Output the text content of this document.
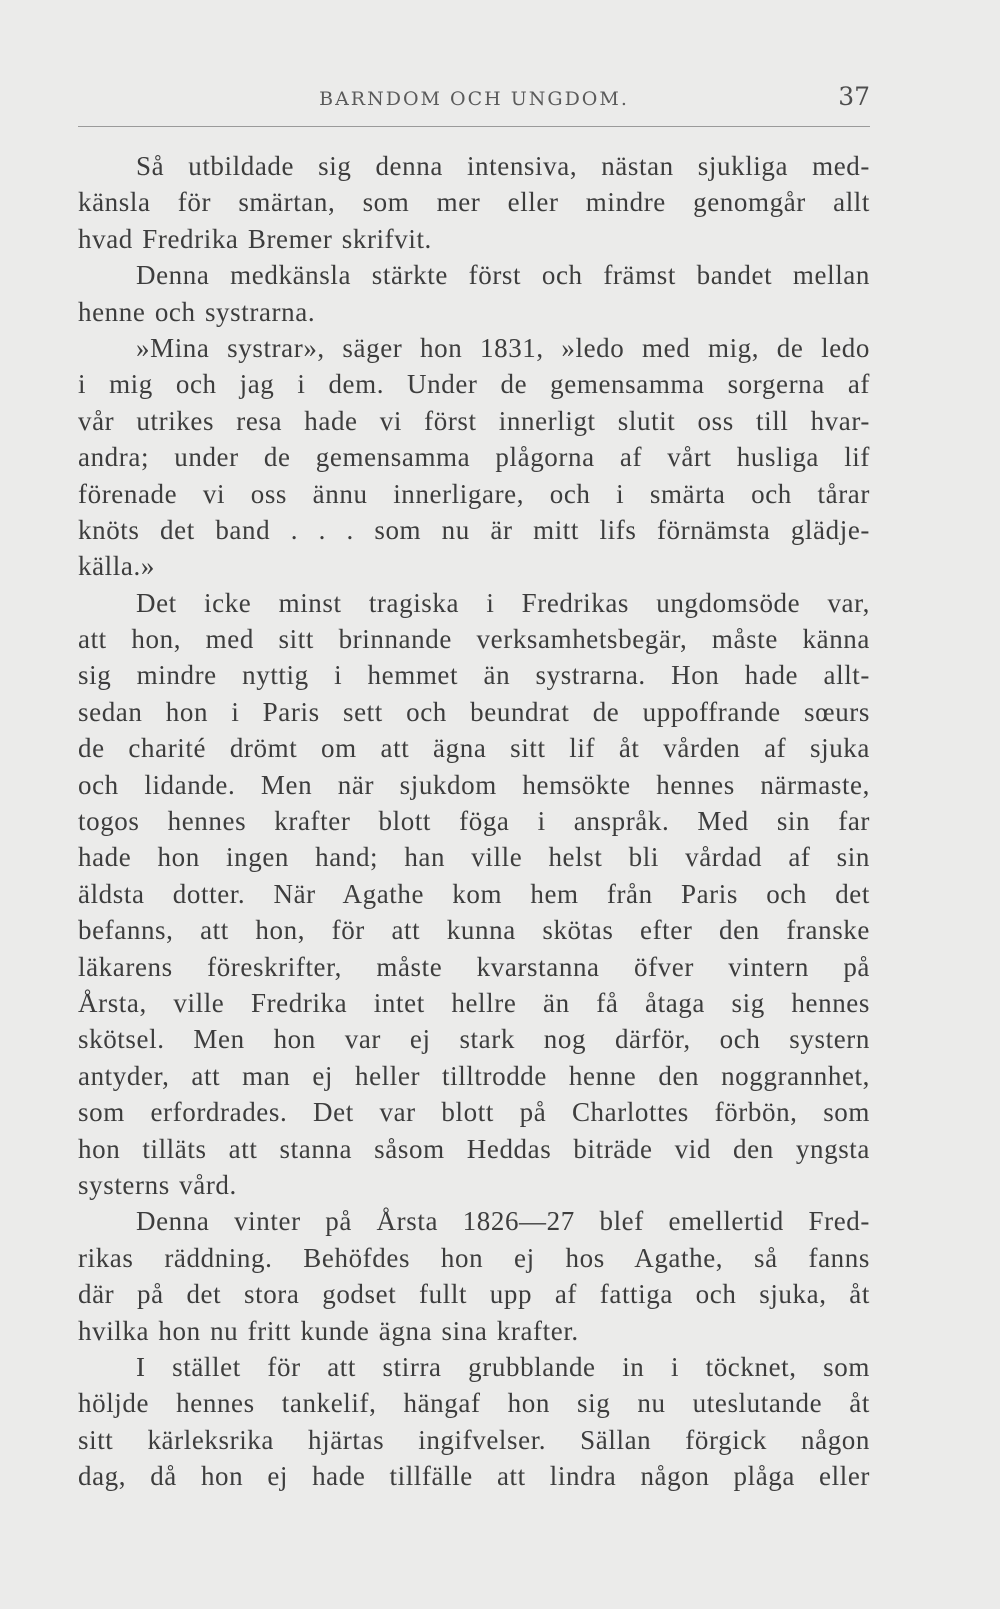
BARNDOM OCH UNGDOM.	37
Så utbildade sig denna intensiva, nästan sjukliga med-
känsla för smärtan, som mer eller mindre genomgår allt
hvad Fredrika Bremer skrifvit.
Denna medkänsla stärkte först och främst bandet mellan
henne och systrarna.
»Mina systrar», säger hon 1831, »ledo med mig, de ledo
i mig och jag i dem. Under de gemensamma sorgerna af
vår utrikes resa hade vi först innerligt slutit oss till hvar-
andra; under de gemensamma plågorna af vårt husliga lif
förenade vi oss ännu innerligare, och i smärta och tårar
knöts det band . . . som nu är mitt lifs förnämsta glädje-
källa.»
Det icke minst tragiska i Fredrikas ungdomsöde var,
att hon, med sitt brinnande verksamhetsbegär, måste känna
sig mindre nyttig i hemmet än systrarna. Hon hade allt-
sedan hon i Paris sett och beundrat de uppoffrande sœurs
de charité drömt om att ägna sitt lif åt vården af sjuka
och lidande. Men när sjukdom hemsökte hennes närmaste,
togos hennes krafter blott föga i anspråk. Med sin far
hade hon ingen hand; han ville helst bli vårdad af sin
äldsta dotter. När Agathe kom hem från Paris och det
befanns, att hon, för att kunna skötas efter den franske
läkarens föreskrifter, måste kvarstanna öfver vintern på
Årsta, ville Fredrika intet hellre än få åtaga sig hennes
skötsel. Men hon var ej stark nog därför, och systern
antyder, att man ej heller tilltrodde henne den noggrannhet,
som erfordrades. Det var blott på Charlottes förbön, som
hon tilläts att stanna såsom Heddas biträde vid den yngsta
systerns vård.
Denna vinter på Årsta 1826—27 blef emellertid Fred-
rikas räddning. Behöfdes hon ej hos Agathe, så fanns
där på det stora godset fullt upp af fattiga och sjuka, åt
hvilka hon nu fritt kunde ägna sina krafter.
I stället för att stirra grubblande in i töcknet, som
höljde hennes tankelif, hängaf hon sig nu uteslutande åt
sitt kärleksrika hjärtas ingifvelser. Sällan förgick någon
dag, då hon ej hade tillfälle att lindra någon plåga eller
